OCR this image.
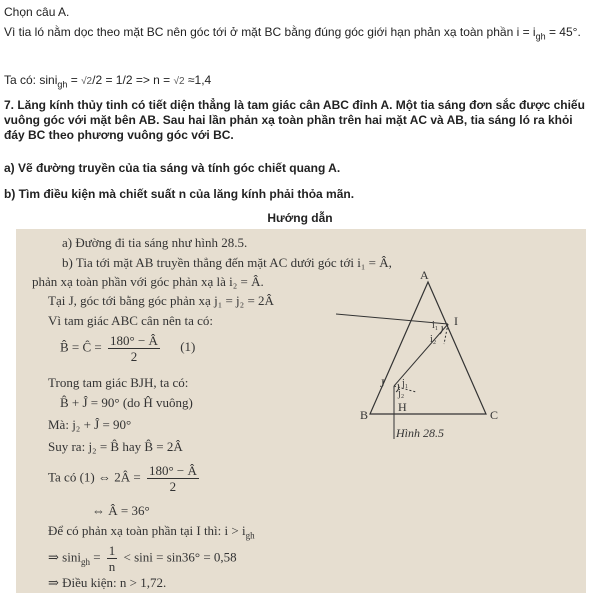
Chọn câu A.

Vì tia ló nằm dọc theo mặt BC nên góc tới ở mặt BC bằng đúng góc giới hạn phản xạ toàn phần $i = i_{gh} = 45^\circ$.

Ta có: sini$_{gh}$ = √2/2 = 1/2 => n = √2 ≈1,4

7. Lăng kính thủy tinh có tiết diện thẳng là tam giác cân ABC đỉnh A. Một tia sáng đơn sắc được chiếu vuông góc với mặt bên AB. Sau hai lần phản xạ toàn phần trên hai mặt AC và AB, tia sáng ló ra khỏi đáy BC theo phương vuông góc với BC.

a) Vẽ đường truyền của tia sáng và tính góc chiết quang A.

b) Tìm điều kiện mà chiết suất n của lăng kính phải thỏa mãn.

Hướng dẫn

a) Đường đi tia sáng như hình 28.5.
b) Tia tới mặt AB truyền thẳng đến mặt AC dưới góc tới i₁ = Â,
phản xạ toàn phần với góc phản xạ là i₂ = Â.
Tại J, góc tới bằng góc phản xạ j₁ = j₂ = 2Â
Vì tam giác ABC cân nên ta có:
B̂ = Ĉ = $\frac{180^\circ - Â}{2} (1)$
Trong tam giác BJH, ta có:
B̂ + Ĵ = 90° (do Ĥ vuông)
Mà: j₂ + Ĵ = 90°
Suy ra: j₂ = B̂ hay B̂ = 2Â
Ta có (1) ⇔ 2Â = $\frac{180^\circ - Â}{2}$
⇔ Â = 36°
Để có phản xạ toàn phần tại I thì: $i > i_{gh}$
⇒ $\sin i_{gh} = \frac{1}{n} < \sin i = \sin 36^\circ = 0,58$
⇒ Điều kiện: n > 1,72.
A
B	C
I
J
H
i₁
i₂
j₁
j₂
Hình 28.5
